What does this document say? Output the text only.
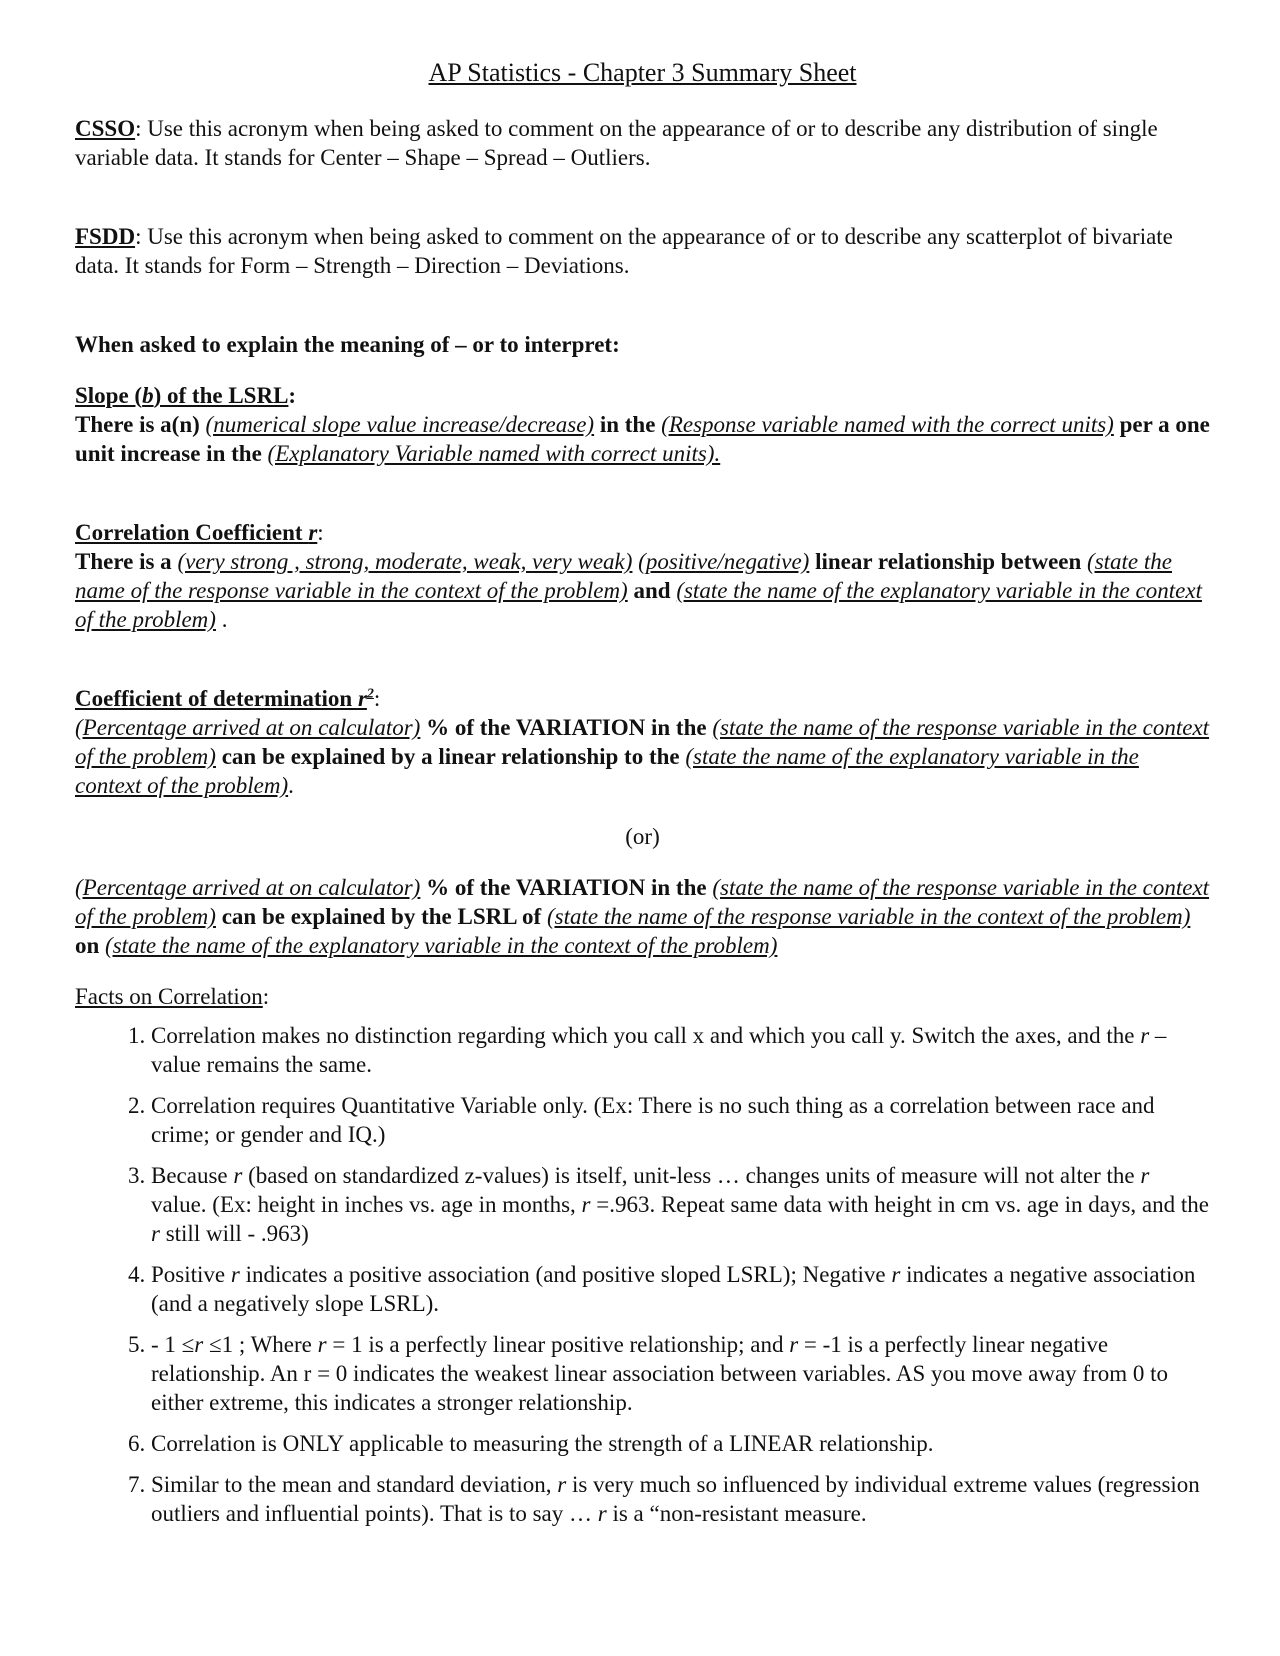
AP Statistics - Chapter 3 Summary Sheet

CSSO: Use this acronym when being asked to comment on the appearance of or to describe any distribution of single variable data. It stands for Center – Shape – Spread – Outliers.

FSDD: Use this acronym when being asked to comment on the appearance of or to describe any scatterplot of bivariate data. It stands for Form – Strength – Direction – Deviations.

When asked to explain the meaning of – or to interpret:

Slope (b) of the LSRL:

There is a(n) (numerical slope value increase/decrease) in the (Response variable named with the correct units) per a one unit increase in the (Explanatory Variable named with correct units).

Correlation Coefficient r:

There is a (very strong , strong, moderate, weak, very weak) (positive/negative) linear relationship between (state the name of the response variable in the context of the problem) and (state the name of the explanatory variable in the context of the problem) .

Coefficient of determination $r^2$:

(Percentage arrived at on calculator) % of the VARIATION in the (state the name of the response variable in the context of the problem) can be explained by a linear relationship to the (state the name of the explanatory variable in the context of the problem).

(or)

(Percentage arrived at on calculator) % of the VARIATION in the (state the name of the response variable in the context of the problem) can be explained by the LSRL of (state the name of the response variable in the context of the problem) on (state the name of the explanatory variable in the context of the problem)

Facts on Correlation:

1. Correlation makes no distinction regarding which you call x and which you call y. Switch the axes, and the r – value remains the same.
2. Correlation requires Quantitative Variable only. (Ex: There is no such thing as a correlation between race and crime; or gender and IQ.)
3. Because r (based on standardized z-values) is itself, unit-less … changes units of measure will not alter the r value. (Ex: height in inches vs. age in months, r =.963. Repeat same data with height in cm vs. age in days, and the r still will - .963)
4. Positive r indicates a positive association (and positive sloped LSRL); Negative r indicates a negative association (and a negatively slope LSRL).
5. - 1 ≤r ≤1 ; Where r = 1 is a perfectly linear positive relationship; and r = -1 is a perfectly linear negative relationship. An r = 0 indicates the weakest linear association between variables. AS you move away from 0 to either extreme, this indicates a stronger relationship.
6. Correlation is ONLY applicable to measuring the strength of a LINEAR relationship.
7. Similar to the mean and standard deviation, r is very much so influenced by individual extreme values (regression outliers and influential points). That is to say … r is a “non-resistant measure.
